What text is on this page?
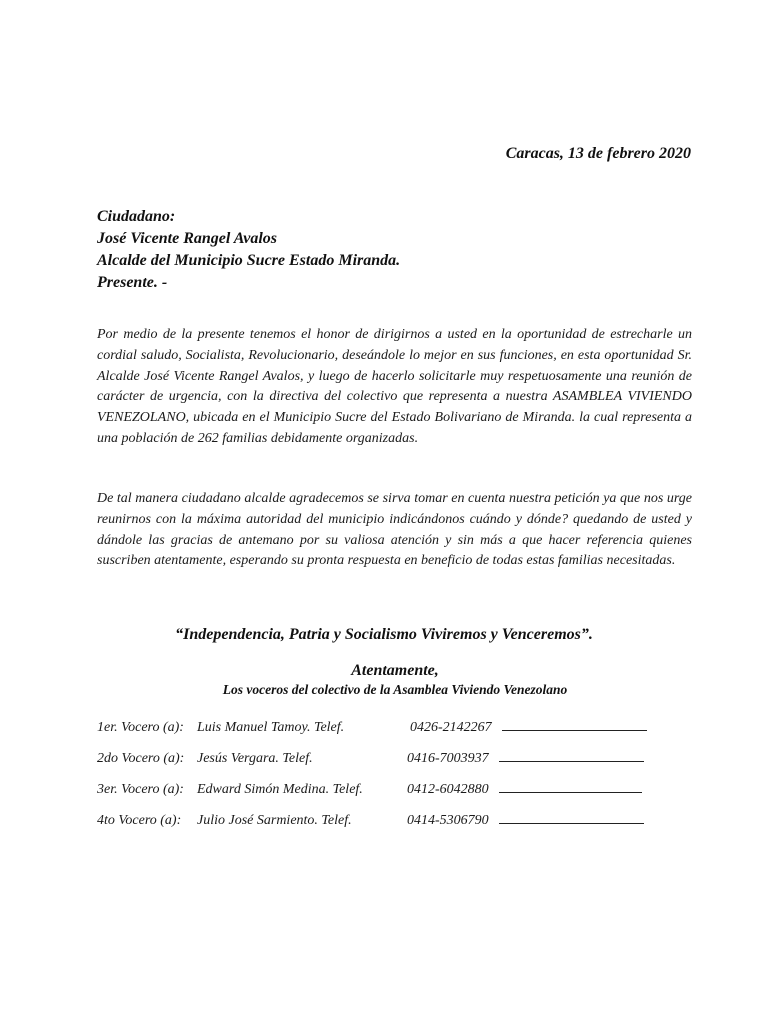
Caracas, 13 de febrero 2020
Ciudadano:
José Vicente Rangel Avalos
Alcalde del Municipio Sucre Estado Miranda.
Presente. -
Por medio de la presente tenemos el honor de dirigirnos a usted en la oportunidad de estrecharle un cordial saludo, Socialista, Revolucionario, deseándole lo mejor en sus funciones, en esta oportunidad Sr. Alcalde José Vicente Rangel Avalos, y luego de hacerlo solicitarle muy respetuosamente una reunión de carácter de urgencia, con la directiva del colectivo que representa a nuestra ASAMBLEA VIVIENDO VENEZOLANO, ubicada en el Municipio Sucre del Estado Bolivariano de Miranda. la cual representa a una población de 262 familias debidamente organizadas.
De tal manera ciudadano alcalde agradecemos se sirva tomar en cuenta nuestra petición ya que nos urge reunirnos con la máxima autoridad del municipio indicándonos cuándo y dónde? quedando de usted y dándole las gracias de antemano por su valiosa atención y sin más a que hacer referencia quienes suscriben atentamente, esperando su pronta respuesta en beneficio de todas estas familias necesitadas.
“Independencia, Patria y Socialismo Viviremos y Venceremos”.
Atentamente,
Los voceros del colectivo de la Asamblea Viviendo Venezolano
1er. Vocero (a): Luis Manuel Tamoy. Telef.	0426-2142267
2do Vocero (a): Jesús Vergara. Telef.	0416-7003937
3er. Vocero (a): Edward Simón Medina. Telef.	0412-6042880
4to Vocero (a): Julio José Sarmiento. Telef.	0414-5306790
